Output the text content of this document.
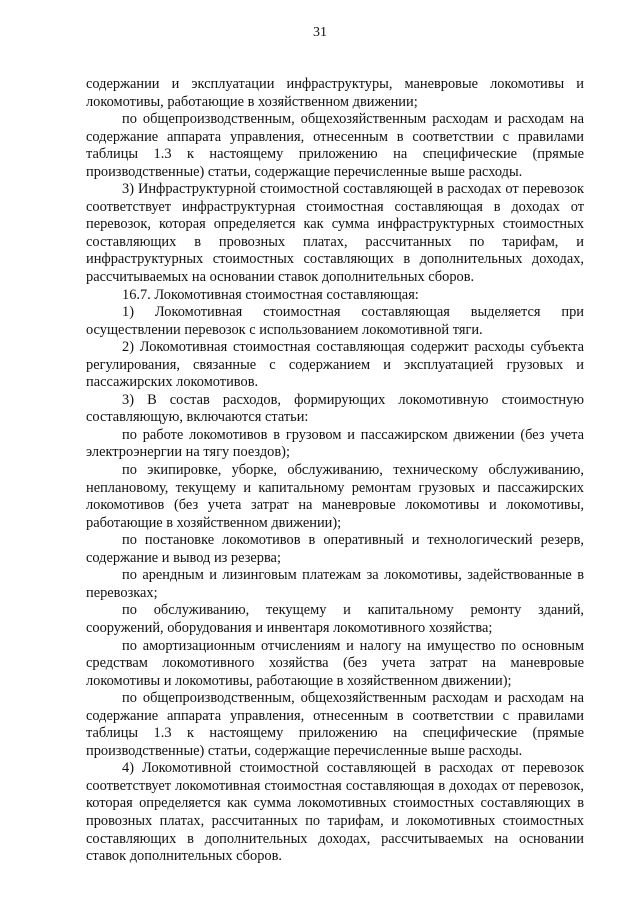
31

содержании и эксплуатации инфраструктуры, маневровые локомотивы и локомотивы, работающие в хозяйственном движении;

по общепроизводственным, общехозяйственным расходам и расходам на содержание аппарата управления, отнесенным в соответствии с правилами таблицы 1.3 к настоящему приложению на специфические (прямые производственные) статьи, содержащие перечисленные выше расходы.

3) Инфраструктурной стоимостной составляющей в расходах от перевозок соответствует инфраструктурная стоимостная составляющая в доходах от перевозок, которая определяется как сумма инфраструктурных стоимостных составляющих в провозных платах, рассчитанных по тарифам, и инфраструктурных стоимостных составляющих в дополнительных доходах, рассчитываемых на основании ставок дополнительных сборов.

16.7. Локомотивная стоимостная составляющая:

1) Локомотивная стоимостная составляющая выделяется при осуществлении перевозок с использованием локомотивной тяги.

2) Локомотивная стоимостная составляющая содержит расходы субъекта регулирования, связанные с содержанием и эксплуатацией грузовых и пассажирских локомотивов.

3) В состав расходов, формирующих локомотивную стоимостную составляющую, включаются статьи:

по работе локомотивов в грузовом и пассажирском движении (без учета электроэнергии на тягу поездов);

по экипировке, уборке, обслуживанию, техническому обслуживанию, неплановому, текущему и капитальному ремонтам грузовых и пассажирских локомотивов (без учета затрат на маневровые локомотивы и локомотивы, работающие в хозяйственном движении);

по постановке локомотивов в оперативный и технологический резерв, содержание и вывод из резерва;

по арендным и лизинговым платежам за локомотивы, задействованные в перевозках;

по обслуживанию, текущему и капитальному ремонту зданий, сооружений, оборудования и инвентаря локомотивного хозяйства;

по амортизационным отчислениям и налогу на имущество по основным средствам локомотивного хозяйства (без учета затрат на маневровые локомотивы и локомотивы, работающие в хозяйственном движении);

по общепроизводственным, общехозяйственным расходам и расходам на содержание аппарата управления, отнесенным в соответствии с правилами таблицы 1.3 к настоящему приложению на специфические (прямые производственные) статьи, содержащие перечисленные выше расходы.

4) Локомотивной стоимостной составляющей в расходах от перевозок соответствует локомотивная стоимостная составляющая в доходах от перевозок, которая определяется как сумма локомотивных стоимостных составляющих в провозных платах, рассчитанных по тарифам, и локомотивных стоимостных составляющих в дополнительных доходах, рассчитываемых на основании ставок дополнительных сборов.
